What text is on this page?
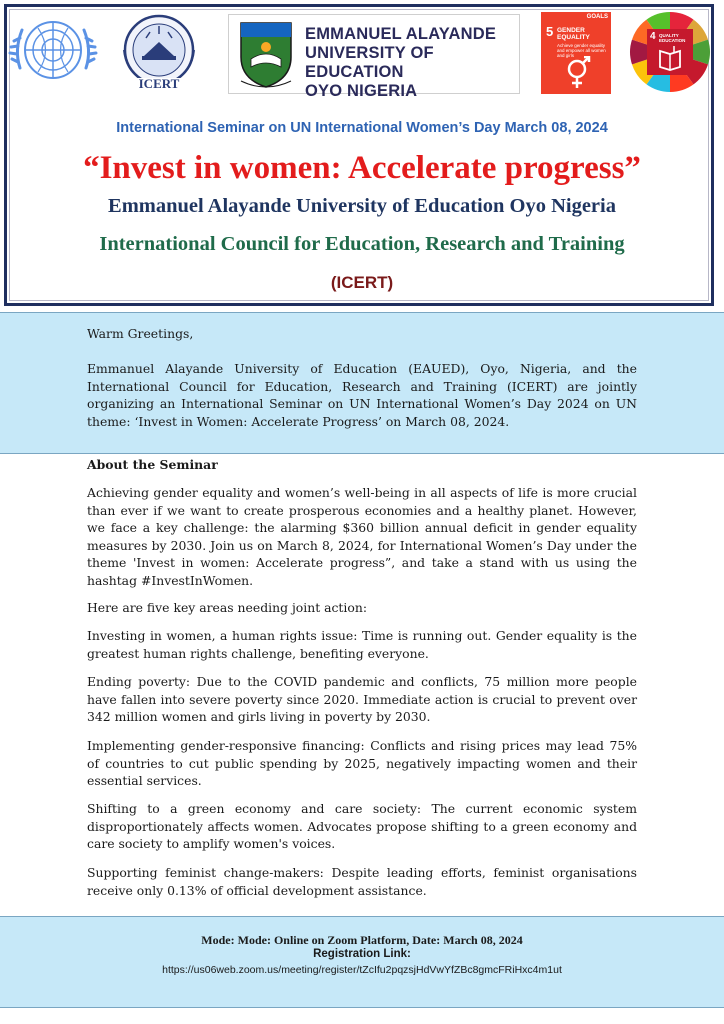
ICERT
EMMANUEL ALAYANDE
UNIVERSITY OF EDUCATION
OYO NIGERIA
GOALS
5 GENDER EQUALITY
Achieve gender equality and empower all women and girls
4 QUALITY EDUCATION
International Seminar on UN International Women’s Day March 08, 2024
“Invest in women: Accelerate progress”
Emmanuel Alayande University of Education Oyo Nigeria
International Council for Education, Research and Training
(ICERT)
Warm Greetings,
Emmanuel Alayande University of Education (EAUED), Oyo, Nigeria, and the International Council for Education, Research and Training (ICERT) are jointly organizing an International Seminar on UN International Women’s Day 2024 on UN theme: ‘Invest in Women: Accelerate Progress’ on March 08, 2024.
About the Seminar
Achieving gender equality and women’s well-being in all aspects of life is more crucial than ever if we want to create prosperous economies and a healthy planet. However, we face a key challenge: the alarming $360 billion annual deficit in gender equality measures by 2030. Join us on March 8, 2024, for International Women’s Day under the theme 'Invest in women: Accelerate progress”, and take a stand with us using the hashtag #InvestInWomen.
Here are five key areas needing joint action:
Investing in women, a human rights issue: Time is running out. Gender equality is the greatest human rights challenge, benefiting everyone.
Ending poverty: Due to the COVID pandemic and conflicts, 75 million more people have fallen into severe poverty since 2020. Immediate action is crucial to prevent over 342 million women and girls living in poverty by 2030.
Implementing gender-responsive financing: Conflicts and rising prices may lead 75% of countries to cut public spending by 2025, negatively impacting women and their essential services.
Shifting to a green economy and care society: The current economic system disproportionately affects women. Advocates propose shifting to a green economy and care society to amplify women's voices.
Supporting feminist change-makers: Despite leading efforts, feminist organisations receive only 0.13% of official development assistance.
Mode: Mode: Online on Zoom Platform, Date: March 08, 2024
Registration Link:
https://us06web.zoom.us/meeting/register/tZcIfu2pqzsjHdVwYfZBc8gmcFRiHxc4m1ut
